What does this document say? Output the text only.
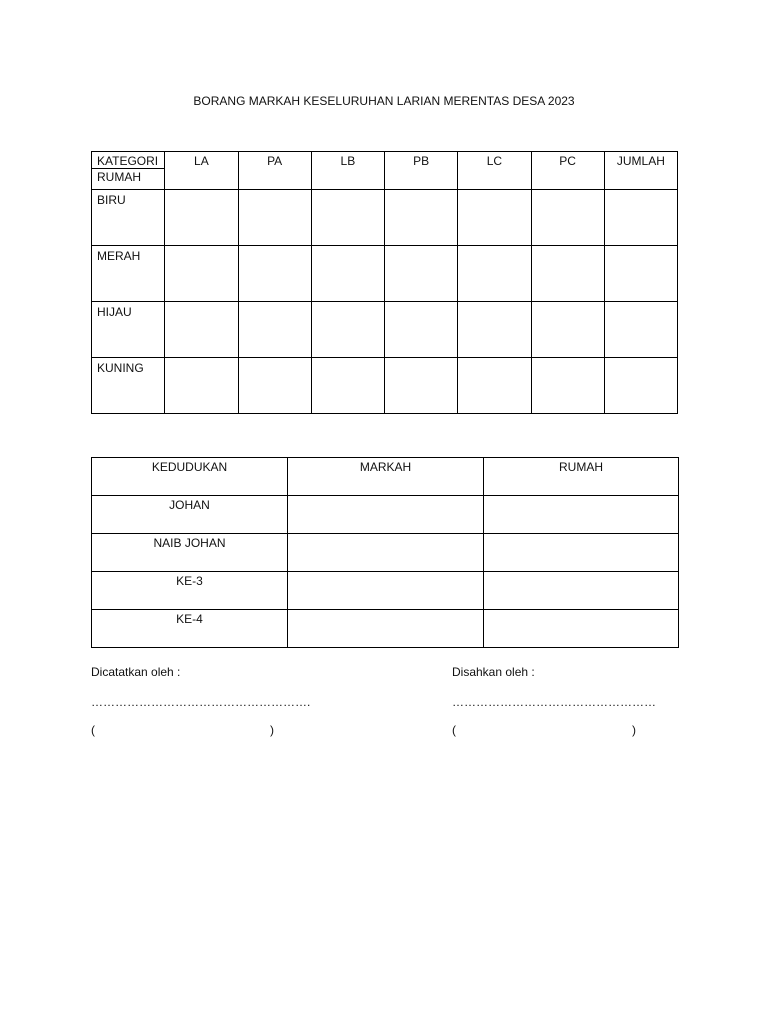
BORANG MARKAH KESELURUHAN LARIAN MERENTAS DESA 2023
KATEGORI
RUMAH	LA	PA	LB	PB	LC	PC	JUMLAH
BIRU							
MERAH							
HIJAU							
KUNING							
KEDUDUKAN	MARKAH	RUMAH
JOHAN		
NAIB JOHAN		
KE-3		
KE-4		
Dicatatkan oleh :
……………………………………………….
(	)
Disahkan oleh :
……………………………………………
(	)
